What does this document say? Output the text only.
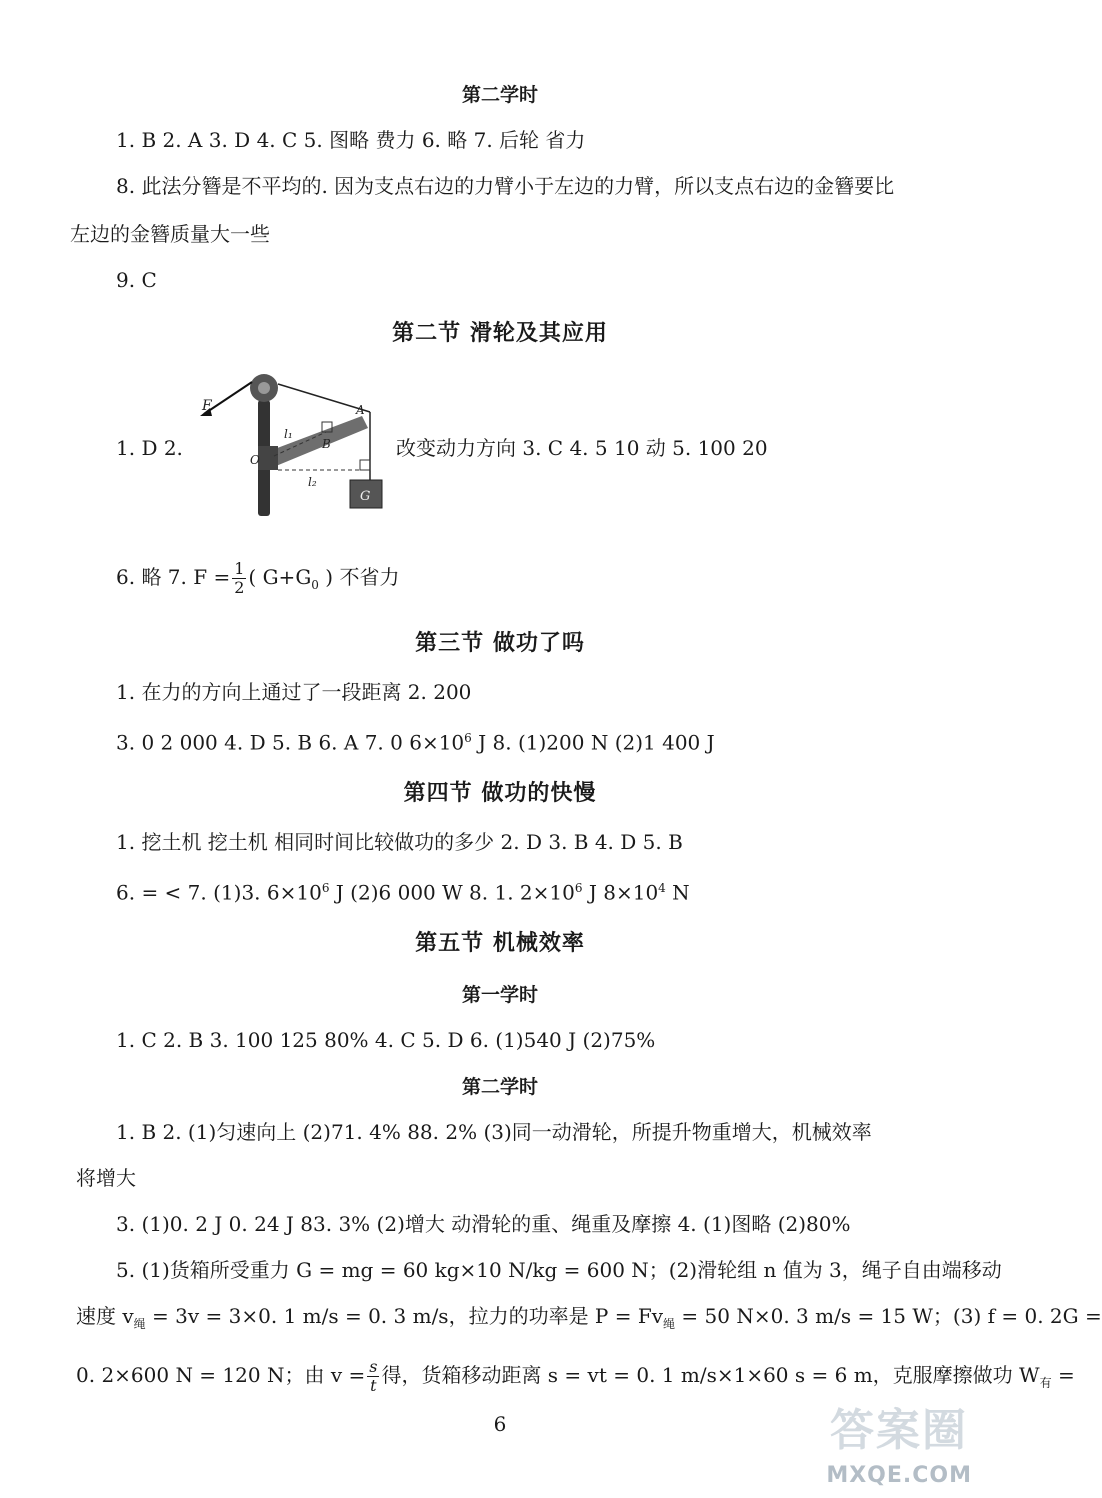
第二学时
1. B 2. A 3. D 4. C 5. 图略 费力 6. 略 7. 后轮 省力
8. 此法分簪是不平均的. 因为支点右边的力臂小于左边的力臂，所以支点右边的金簪要比
左边的金簪质量大一些
9. C
第二节 滑轮及其应用
1. D 2.
F
l₁
B
A
O
l₂
G
改变动力方向 3. C 4. 5 10 动 5. 100 20
6. 略 7. $F = \frac{1}{2}$ ( $G+G_0$ ) 不省力
第三节 做功了吗
1. 在力的方向上通过了一段距离 2. 200
3. 0 2 000 4. D 5. B 6. A 7. 0 $6\times 10^6$ J 8. (1)200 N (2)1 400 J
第四节 做功的快慢
1. 挖土机 挖土机 相同时间比较做功的多少 2. D 3. B 4. D 5. B
6. = < 7. (1)3. $6\times 10^6$ J (2)6 000 W 8. 1. $2\times 10^6$ J $8\times 10^4$ N
第五节 机械效率
第一学时
1. C 2. B 3. 100 125 80% 4. C 5. D 6. (1)540 J (2)75%
第二学时
1. B 2. (1)匀速向上 (2)71. 4% 88. 2% (3)同一动滑轮，所提升物重增大，机械效率
将增大
3. (1)0. 2 J 0. 24 J 83. 3% (2)增大 动滑轮的重、绳重及摩擦 4. (1)图略 (2)80%
5. (1)货箱所受重力 G = mg = 60 kg×10 N/kg = 600 N；(2)滑轮组 n 值为 3，绳子自由端移动
速度 $v_绳 = 3v = 3\times 0$. 1 m/s = 0. 3 m/s，拉力的功率是 $P = Fv_绳 = 50$ N×0. 3 m/s = 15 W；(3) f = 0. 2G =
0. 2×600 N = 120 N；由 $v = \frac{s}{t}$ 得，货箱移动距离 s = vt = 0. 1 m/s×1×60 s = 6 m，克服摩擦做功 $W_有$ =
6	答案圈
MXQE.COM
